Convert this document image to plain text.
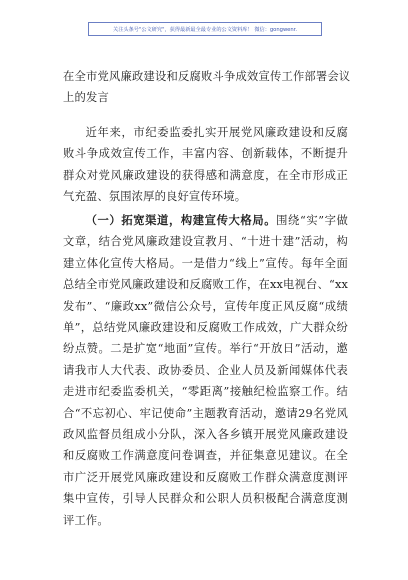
关注头条号"公文研究"，获得最新最全最专业的公文资料库！ 微信：gongwenr.
在全市党风廉政建设和反腐败斗争成效宣传工作部署会议上的发言

近年来，市纪委监委扎实开展党风廉政建设和反腐败斗争成效宣传工作，丰富内容、创新载体，不断提升群众对党风廉政建设的获得感和满意度，在全市形成正气充盈、氛围浓厚的良好宣传环境。

（一）拓宽渠道，构建宣传大格局。围绕“实”字做文章，结合党风廉政建设宣教月、“十进十建”活动，构建立体化宣传大格局。一是借力“线上”宣传。每年全面总结全市党风廉政建设和反腐败工作，在xx电视台、“xx发布”、“廉政xx”微信公众号，宣传年度正风反腐“成绩单”，总结党风廉政建设和反腐败工作成效，广大群众纷纷点赞。二是扩宽“地面”宣传。举行“开放日”活动，邀请我市人大代表、政协委员、企业人员及新闻媒体代表走进市纪委监委机关，“零距离”接触纪检监察工作。结合“不忘初心、牢记使命”主题教育活动，邀请29名党风政风监督员组成小分队，深入各乡镇开展党风廉政建设和反腐败工作满意度问卷调查，并征集意见建议。在全市广泛开展党风廉政建设和反腐败工作群众满意度测评集中宣传，引导人民群众和公职人员积极配合满意度测评工作。
